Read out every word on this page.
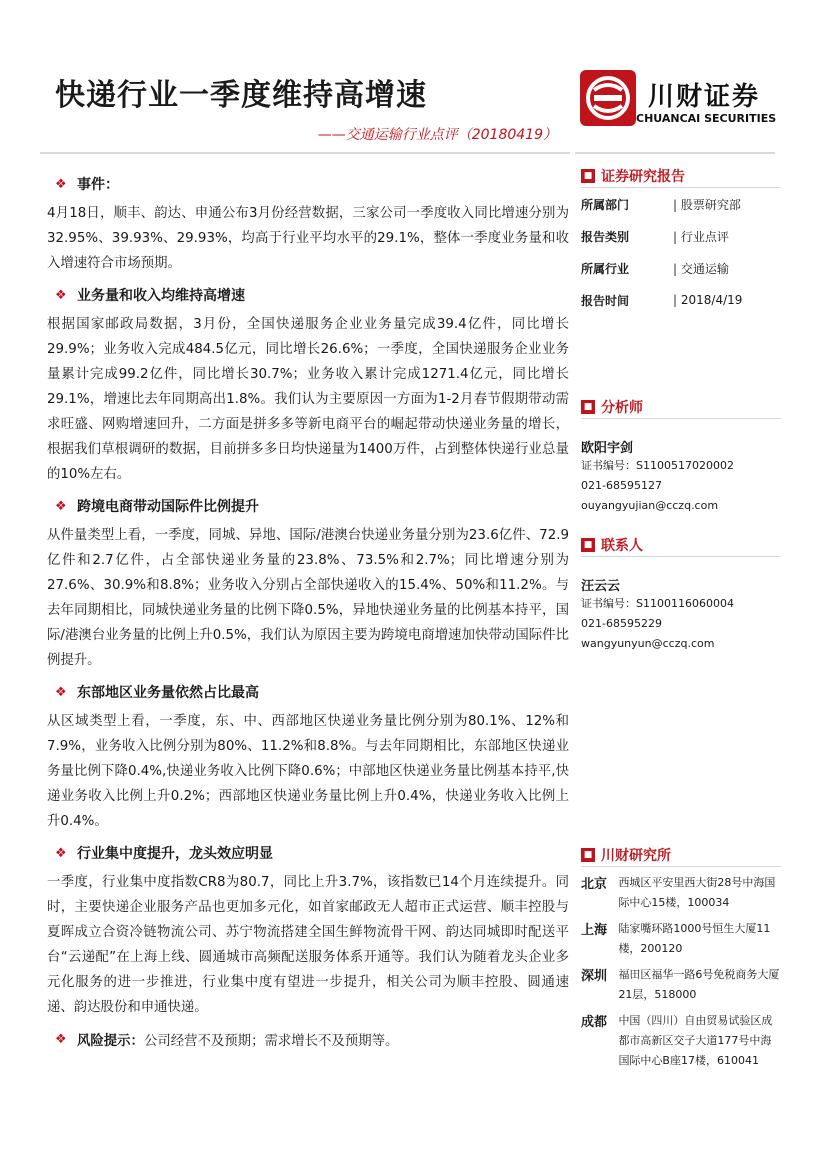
快递行业一季度维持高增速	川财证券
CHUANCAI SECURITIES
——交通运输行业点评（20180419）
❖ 事件：
4月18日，顺丰、韵达、申通公布3月份经营数据，三家公司一季度收入同比增速分别为32.95%、39.93%、29.93%，均高于行业平均水平的29.1%，整体一季度业务量和收入增速符合市场预期。
❖ 业务量和收入均维持高增速
根据国家邮政局数据，3月份，全国快递服务企业业务量完成39.4亿件，同比增长29.9%；业务收入完成484.5亿元，同比增长26.6%；一季度，全国快递服务企业业务量累计完成99.2亿件，同比增长30.7%；业务收入累计完成1271.4亿元，同比增长29.1%，增速比去年同期高出1.8%。我们认为主要原因一方面为1-2月春节假期带动需求旺盛、网购增速回升，二方面是拼多多等新电商平台的崛起带动快递业务量的增长，根据我们草根调研的数据，目前拼多多日均快递量为1400万件，占到整体快递行业总量的10%左右。
❖ 跨境电商带动国际件比例提升
从件量类型上看，一季度，同城、异地、国际/港澳台快递业务量分别为23.6亿件、72.9亿件和2.7亿件，占全部快递业务量的23.8%、73.5%和2.7%；同比增速分别为27.6%、30.9%和8.8%；业务收入分别占全部快递收入的15.4%、50%和11.2%。与去年同期相比，同城快递业务量的比例下降0.5%，异地快递业务量的比例基本持平，国际/港澳台业务量的比例上升0.5%，我们认为原因主要为跨境电商增速加快带动国际件比例提升。
❖ 东部地区业务量依然占比最高
从区域类型上看，一季度，东、中、西部地区快递业务量比例分别为80.1%、12%和7.9%，业务收入比例分别为80%、11.2%和8.8%。与去年同期相比，东部地区快递业务量比例下降0.4%,快递业务收入比例下降0.6%；中部地区快递业务量比例基本持平,快递业务收入比例上升0.2%；西部地区快递业务量比例上升0.4%，快递业务收入比例上升0.4%。
❖ 行业集中度提升，龙头效应明显
一季度，行业集中度指数CR8为80.7，同比上升3.7%，该指数已14个月连续提升。同时，主要快递企业服务产品也更加多元化，如首家邮政无人超市正式运营、顺丰控股与夏晖成立合资冷链物流公司、苏宁物流搭建全国生鲜物流骨干网、韵达同城即时配送平台“云递配”在上海上线、圆通城市高频配送服务体系开通等。我们认为随着龙头企业多元化服务的进一步推进，行业集中度有望进一步提升，相关公司为顺丰控股、圆通速递、韵达股份和申通快递。
❖ 风险提示： 公司经营不及预期；需求增长不及预期等。
■ 证券研究报告
所属部门	| 股票研究部
报告类别	| 行业点评
所属行业	| 交通运输
报告时间	| 2018/4/19
■ 分析师
欧阳宇剑
证书编号：S1100517020002
021-68595127
ouyangyujian@cczq.com
■ 联系人
汪云云
证书编号：S1100116060004
021-68595229
wangyunyun@cczq.com
■ 川财研究所
北京	西城区平安里西大街28号中海国际中心15楼，100034
上海	陆家嘴环路1000号恒生大厦11楼，200120
深圳	福田区福华一路6号免税商务大厦21层，518000
成都	中国（四川）自由贸易试验区成都市高新区交子大道177号中海国际中心B座17楼，610041
